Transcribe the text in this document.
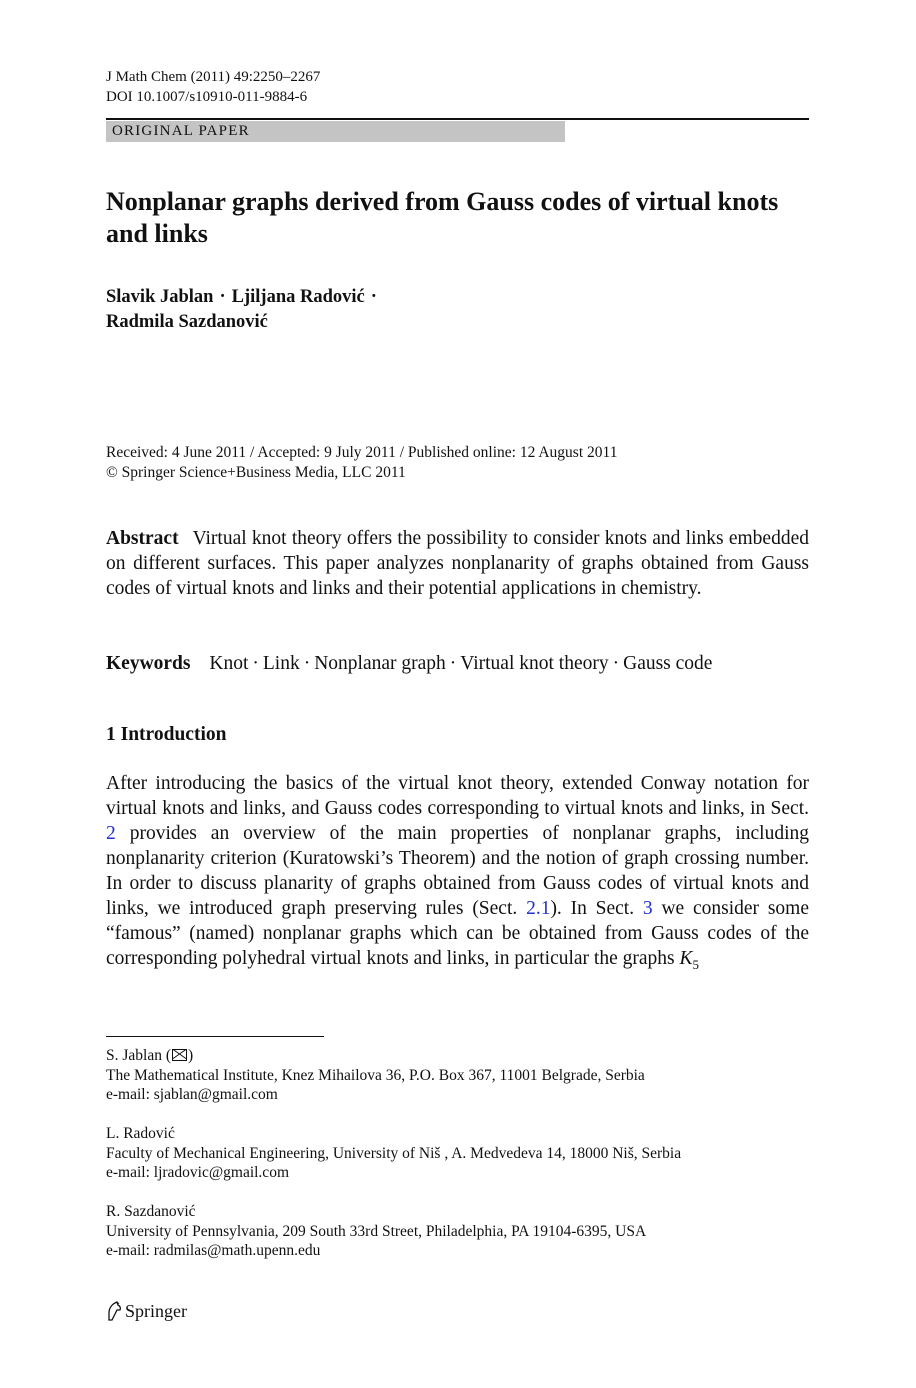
J Math Chem (2011) 49:2250–2267
DOI 10.1007/s10910-011-9884-6
ORIGINAL PAPER
Nonplanar graphs derived from Gauss codes of virtual knots and links
Slavik Jablan · Ljiljana Radović ·
Radmila Sazdanović
Received: 4 June 2011 / Accepted: 9 July 2011 / Published online: 12 August 2011
© Springer Science+Business Media, LLC 2011

Abstract Virtual knot theory offers the possibility to consider knots and links embedded on different surfaces. This paper analyzes nonplanarity of graphs obtained from Gauss codes of virtual knots and links and their potential applications in chemistry.

Keywords Knot · Link · Nonplanar graph · Virtual knot theory · Gauss code
1 Introduction

After introducing the basics of the virtual knot theory, extended Conway notation for virtual knots and links, and Gauss codes corresponding to virtual knots and links, in Sect. 2 provides an overview of the main properties of nonplanar graphs, including nonplanarity criterion (Kuratowski’s Theorem) and the notion of graph crossing number. In order to discuss planarity of graphs obtained from Gauss codes of virtual knots and links, we introduced graph preserving rules (Sect. 2.1). In Sect. 3 we consider some “famous” (named) nonplanar graphs which can be obtained from Gauss codes of the corresponding polyhedral virtual knots and links, in particular the graphs $K_5$

S. Jablan ( )
The Mathematical Institute, Knez Mihailova 36, P.O. Box 367, 11001 Belgrade, Serbia
e-mail: sjablan@gmail.com
L. Radović
Faculty of Mechanical Engineering, University of Niš , A. Medvedeva 14, 18000 Niš, Serbia
e-mail: ljradovic@gmail.com
R. Sazdanović
University of Pennsylvania, 209 South 33rd Street, Philadelphia, PA 19104-6395, USA
e-mail: radmilas@math.upenn.edu
Springer
